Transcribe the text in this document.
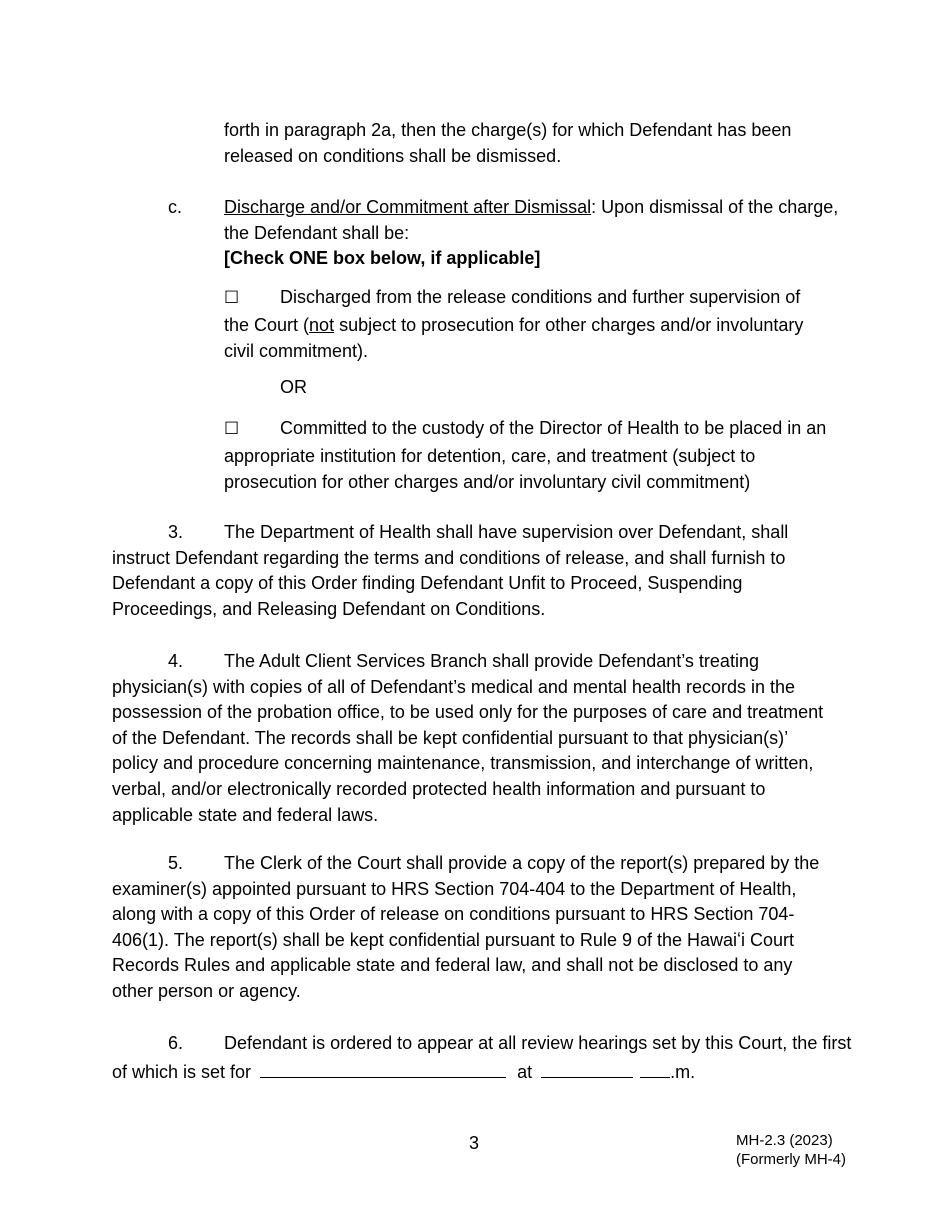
forth in paragraph 2a, then the charge(s) for which Defendant has been released on conditions shall be dismissed.

c. Discharge and/or Commitment after Dismissal: Upon dismissal of the charge, the Defendant shall be:
[Check ONE box below, if applicable]

☐ Discharged from the release conditions and further supervision of the Court (not subject to prosecution for other charges and/or involuntary civil commitment).

OR

☐ Committed to the custody of the Director of Health to be placed in an appropriate institution for detention, care, and treatment (subject to prosecution for other charges and/or involuntary civil commitment)

3. The Department of Health shall have supervision over Defendant, shall instruct Defendant regarding the terms and conditions of release, and shall furnish to Defendant a copy of this Order finding Defendant Unfit to Proceed, Suspending Proceedings, and Releasing Defendant on Conditions.

4. The Adult Client Services Branch shall provide Defendant’s treating physician(s) with copies of all of Defendant’s medical and mental health records in the possession of the probation office, to be used only for the purposes of care and treatment of the Defendant. The records shall be kept confidential pursuant to that physician(s)’ policy and procedure concerning maintenance, transmission, and interchange of written, verbal, and/or electronically recorded protected health information and pursuant to applicable state and federal laws.

5. The Clerk of the Court shall provide a copy of the report(s) prepared by the examiner(s) appointed pursuant to HRS Section 704-404 to the Department of Health, along with a copy of this Order of release on conditions pursuant to HRS Section 704-406(1). The report(s) shall be kept confidential pursuant to Rule 9 of the Hawaiʻi Court Records Rules and applicable state and federal law, and shall not be disclosed to any other person or agency.

6. Defendant is ordered to appear at all review hearings set by this Court, the first of which is set for	at	.m.

3	MH-2.3 (2023)
(Formerly MH-4)
